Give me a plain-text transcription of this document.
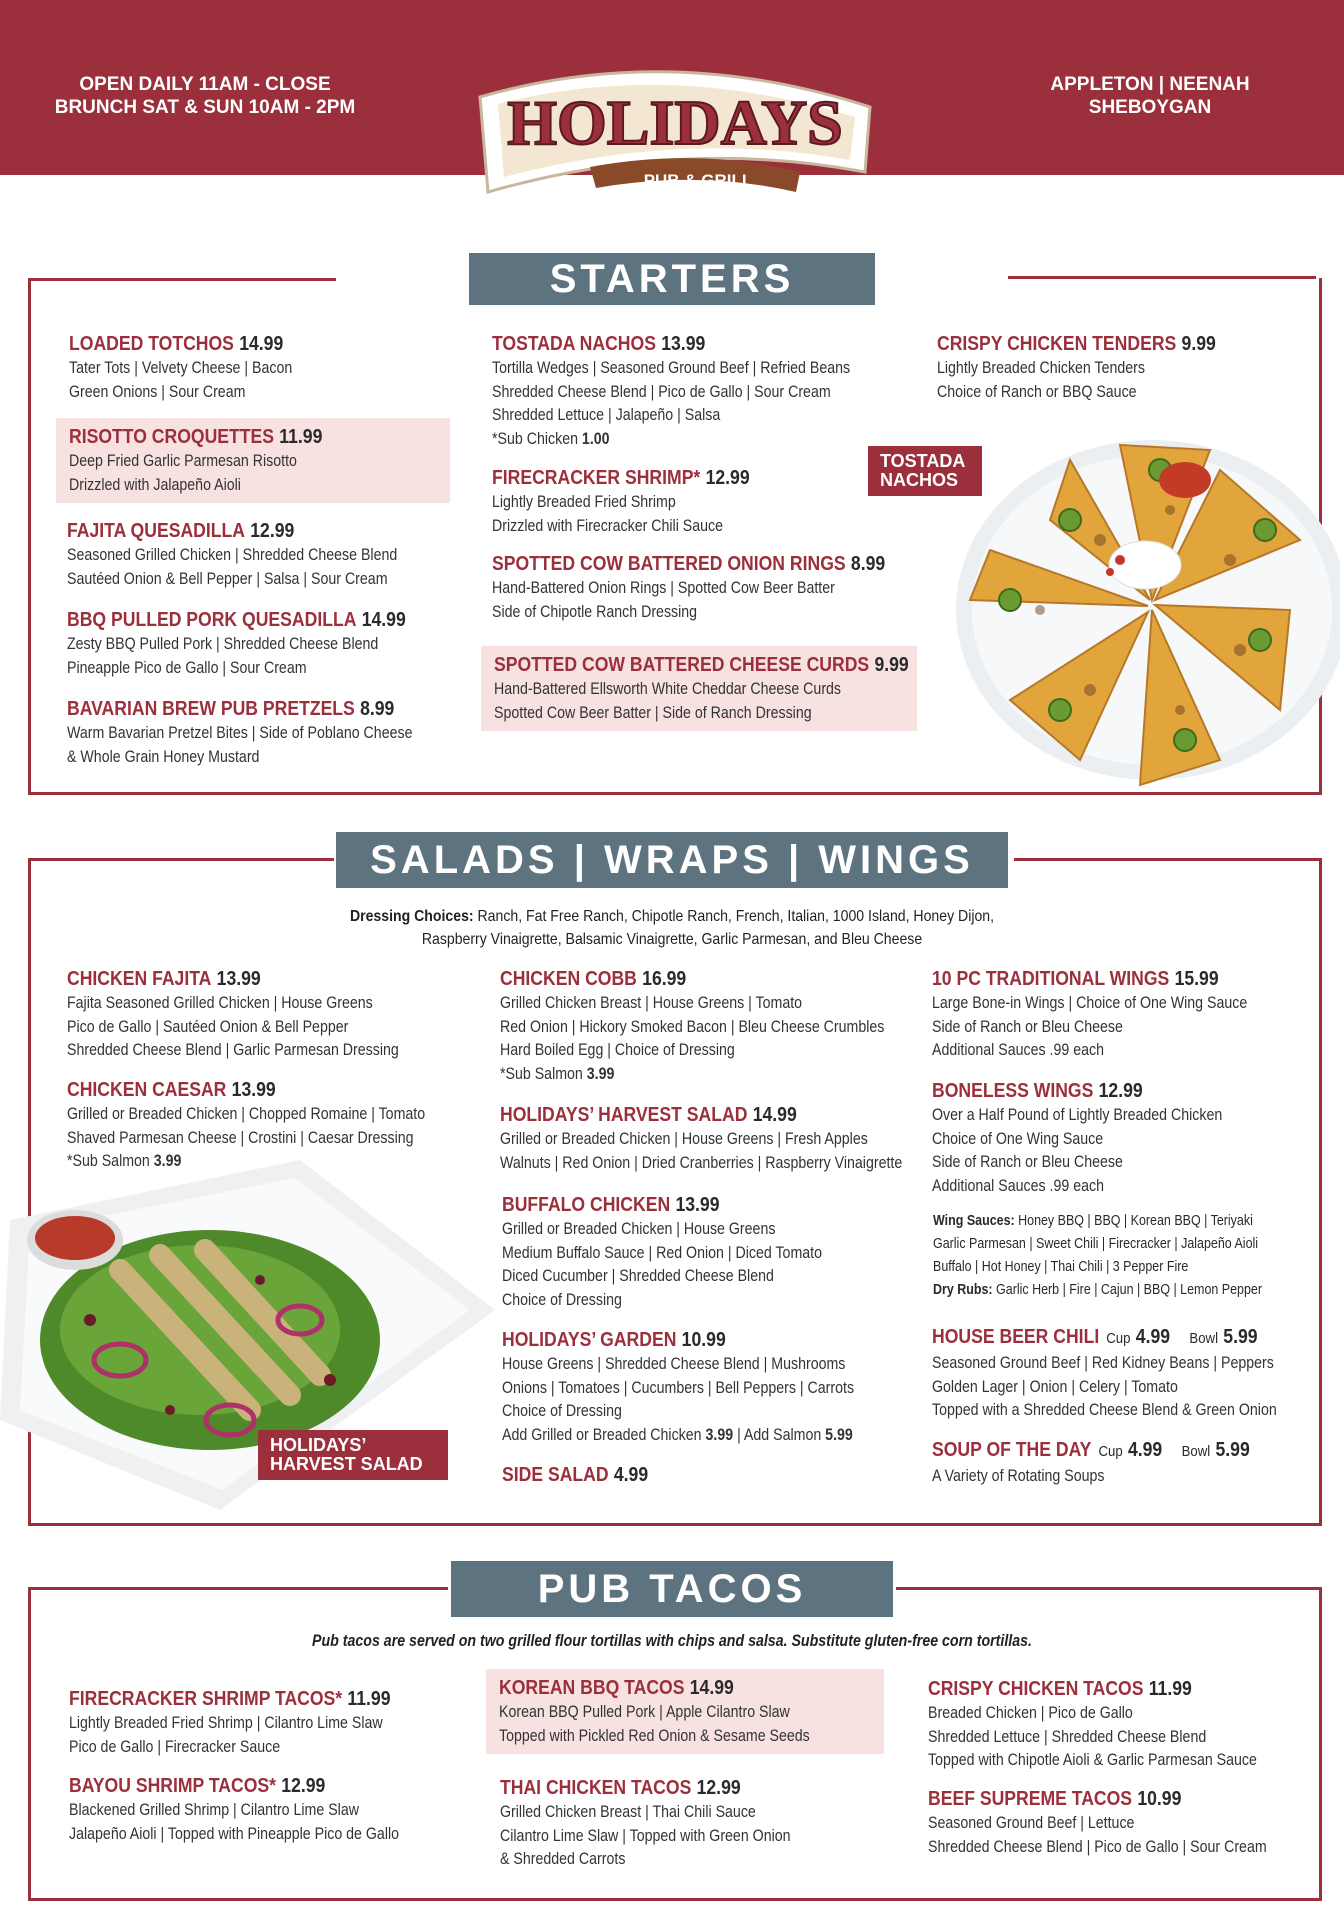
OPEN DAILY 11AM - CLOSE
BRUNCH SAT & SUN 10AM - 2PM
APPLETON | NEENAH
SHEBOYGAN
HOLIDAYS
PUB & GRILL
STARTERS
LOADED TOTCHOS 14.99
Tater Tots | Velvety Cheese | Bacon
Green Onions | Sour Cream
RISOTTO CROQUETTES 11.99
Deep Fried Garlic Parmesan Risotto
Drizzled with Jalapeño Aioli
FAJITA QUESADILLA 12.99
Seasoned Grilled Chicken | Shredded Cheese Blend
Sautéed Onion & Bell Pepper | Salsa | Sour Cream
BBQ PULLED PORK QUESADILLA 14.99
Zesty BBQ Pulled Pork | Shredded Cheese Blend
Pineapple Pico de Gallo | Sour Cream
BAVARIAN BREW PUB PRETZELS 8.99
Warm Bavarian Pretzel Bites | Side of Poblano Cheese
& Whole Grain Honey Mustard
TOSTADA NACHOS 13.99
Tortilla Wedges | Seasoned Ground Beef | Refried Beans
Shredded Cheese Blend | Pico de Gallo | Sour Cream
Shredded Lettuce | Jalapeño | Salsa
*Sub Chicken 1.00
FIRECRACKER SHRIMP* 12.99
Lightly Breaded Fried Shrimp
Drizzled with Firecracker Chili Sauce
SPOTTED COW BATTERED ONION RINGS 8.99
Hand-Battered Onion Rings | Spotted Cow Beer Batter
Side of Chipotle Ranch Dressing
SPOTTED COW BATTERED CHEESE CURDS 9.99
Hand-Battered Ellsworth White Cheddar Cheese Curds
Spotted Cow Beer Batter | Side of Ranch Dressing
CRISPY CHICKEN TENDERS 9.99
Lightly Breaded Chicken Tenders
Choice of Ranch or BBQ Sauce
TOSTADA NACHOS
SALADS | WRAPS | WINGS
Dressing Choices: Ranch, Fat Free Ranch, Chipotle Ranch, French, Italian, 1000 Island, Honey Dijon,
Raspberry Vinaigrette, Balsamic Vinaigrette, Garlic Parmesan, and Bleu Cheese
CHICKEN FAJITA 13.99
Fajita Seasoned Grilled Chicken | House Greens
Pico de Gallo | Sautéed Onion & Bell Pepper
Shredded Cheese Blend | Garlic Parmesan Dressing
CHICKEN CAESAR 13.99
Grilled or Breaded Chicken | Chopped Romaine | Tomato
Shaved Parmesan Cheese | Crostini | Caesar Dressing
*Sub Salmon 3.99
HOLIDAYS’ HARVEST SALAD
CHICKEN COBB 16.99
Grilled Chicken Breast | House Greens | Tomato
Red Onion | Hickory Smoked Bacon | Bleu Cheese Crumbles
Hard Boiled Egg | Choice of Dressing
*Sub Salmon 3.99
HOLIDAYS’ HARVEST SALAD 14.99
Grilled or Breaded Chicken | House Greens | Fresh Apples
Walnuts | Red Onion | Dried Cranberries | Raspberry Vinaigrette
BUFFALO CHICKEN 13.99
Grilled or Breaded Chicken | House Greens
Medium Buffalo Sauce | Red Onion | Diced Tomato
Diced Cucumber | Shredded Cheese Blend
Choice of Dressing
HOLIDAYS’ GARDEN 10.99
House Greens | Shredded Cheese Blend | Mushrooms
Onions | Tomatoes | Cucumbers | Bell Peppers | Carrots
Choice of Dressing
Add Grilled or Breaded Chicken 3.99 | Add Salmon 5.99
SIDE SALAD 4.99
10 PC TRADITIONAL WINGS 15.99
Large Bone-in Wings | Choice of One Wing Sauce
Side of Ranch or Bleu Cheese
Additional Sauces .99 each
BONELESS WINGS 12.99
Over a Half Pound of Lightly Breaded Chicken
Choice of One Wing Sauce
Side of Ranch or Bleu Cheese
Additional Sauces .99 each
Wing Sauces: Honey BBQ | BBQ | Korean BBQ | Teriyaki
Garlic Parmesan | Sweet Chili | Firecracker | Jalapeño Aioli
Buffalo | Hot Honey | Thai Chili | 3 Pepper Fire
Dry Rubs: Garlic Herb | Fire | Cajun | BBQ | Lemon Pepper
HOUSE BEER CHILI Cup 4.99 Bowl 5.99
Seasoned Ground Beef | Red Kidney Beans | Peppers
Golden Lager | Onion | Celery | Tomato
Topped with a Shredded Cheese Blend & Green Onion
SOUP OF THE DAY Cup 4.99 Bowl 5.99
A Variety of Rotating Soups
PUB TACOS
Pub tacos are served on two grilled flour tortillas with chips and salsa. Substitute gluten-free corn tortillas.
FIRECRACKER SHRIMP TACOS* 11.99
Lightly Breaded Fried Shrimp | Cilantro Lime Slaw
Pico de Gallo | Firecracker Sauce
BAYOU SHRIMP TACOS* 12.99
Blackened Grilled Shrimp | Cilantro Lime Slaw
Jalapeño Aioli | Topped with Pineapple Pico de Gallo
KOREAN BBQ TACOS 14.99
Korean BBQ Pulled Pork | Apple Cilantro Slaw
Topped with Pickled Red Onion & Sesame Seeds
THAI CHICKEN TACOS 12.99
Grilled Chicken Breast | Thai Chili Sauce
Cilantro Lime Slaw | Topped with Green Onion
& Shredded Carrots
CRISPY CHICKEN TACOS 11.99
Breaded Chicken | Pico de Gallo
Shredded Lettuce | Shredded Cheese Blend
Topped with Chipotle Aioli & Garlic Parmesan Sauce
BEEF SUPREME TACOS 10.99
Seasoned Ground Beef | Lettuce
Shredded Cheese Blend | Pico de Gallo | Sour Cream
